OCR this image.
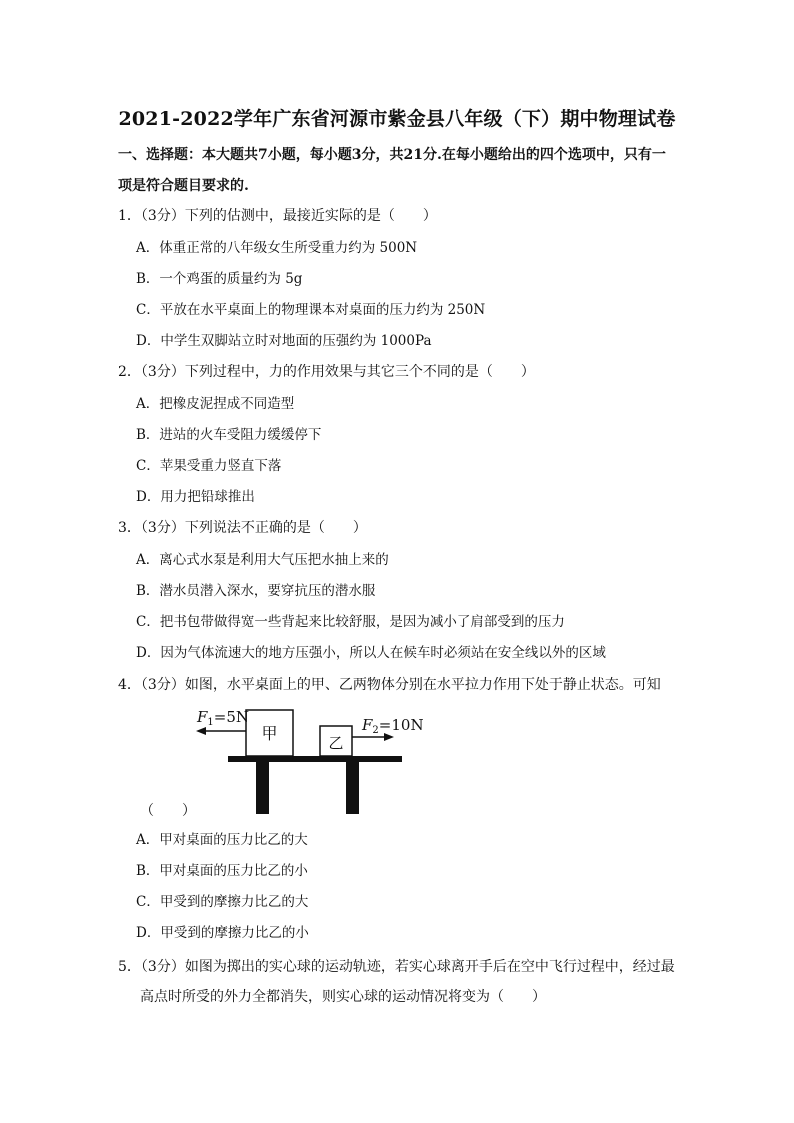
2021-2022学年广东省河源市紫金县八年级（下）期中物理试卷
一、选择题：本大题共7小题，每小题3分，共21分.在每小题给出的四个选项中，只有一
项是符合题目要求的.
1．（3分）下列的估测中，最接近实际的是（　　）
A．体重正常的八年级女生所受重力约为 500N
B．一个鸡蛋的质量约为 5g
C．平放在水平桌面上的物理课本对桌面的压力约为 250N
D．中学生双脚站立时对地面的压强约为 1000Pa
2．（3分）下列过程中，力的作用效果与其它三个不同的是（　　）
A．把橡皮泥捏成不同造型
B．进站的火车受阻力缓缓停下
C．苹果受重力竖直下落
D．用力把铅球推出
3．（3分）下列说法不正确的是（　　）
A．离心式水泵是利用大气压把水抽上来的
B．潜水员潜入深水，要穿抗压的潜水服
C．把书包带做得宽一些背起来比较舒服，是因为减小了肩部受到的压力
D．因为气体流速大的地方压强小，所以人在候车时必须站在安全线以外的区域
4．（3分）如图，水平桌面上的甲、乙两物体分别在水平拉力作用下处于静止状态。可知
甲	乙
$F_1=5N$	$F_2=10N$
（　　）
A．甲对桌面的压力比乙的大
B．甲对桌面的压力比乙的小
C．甲受到的摩擦力比乙的大
D．甲受到的摩擦力比乙的小
5．（3分）如图为掷出的实心球的运动轨迹，若实心球离开手后在空中飞行过程中，经过最
高点时所受的外力全都消失，则实心球的运动情况将变为（　　）
